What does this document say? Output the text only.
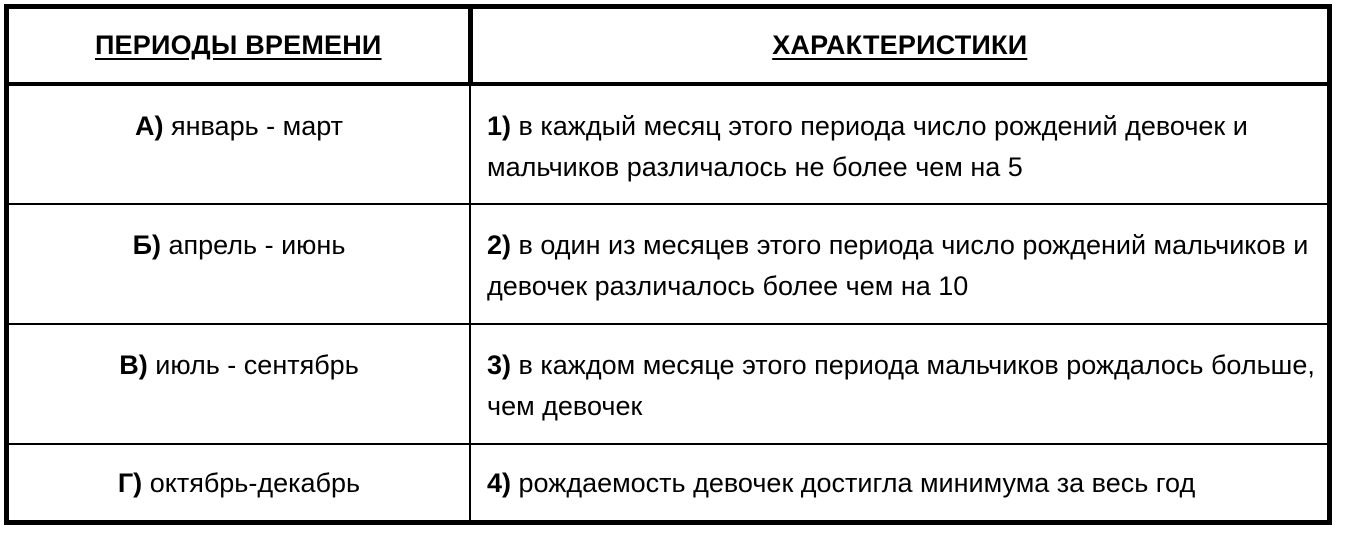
ПЕРИОДЫ ВРЕМЕНИ	ХАРАКТЕРИСТИКИ
А) январь - март	1) в каждый месяц этого периода число рождений девочек и мальчиков различалось не более чем на 5
Б) апрель - июнь	2) в один из месяцев этого периода число рождений мальчиков и девочек различалось более чем на 10
В) июль - сентябрь	3) в каждом месяце этого периода мальчиков рождалось больше, чем девочек
Г) октябрь-декабрь	4) рождаемость девочек достигла минимума за весь год
